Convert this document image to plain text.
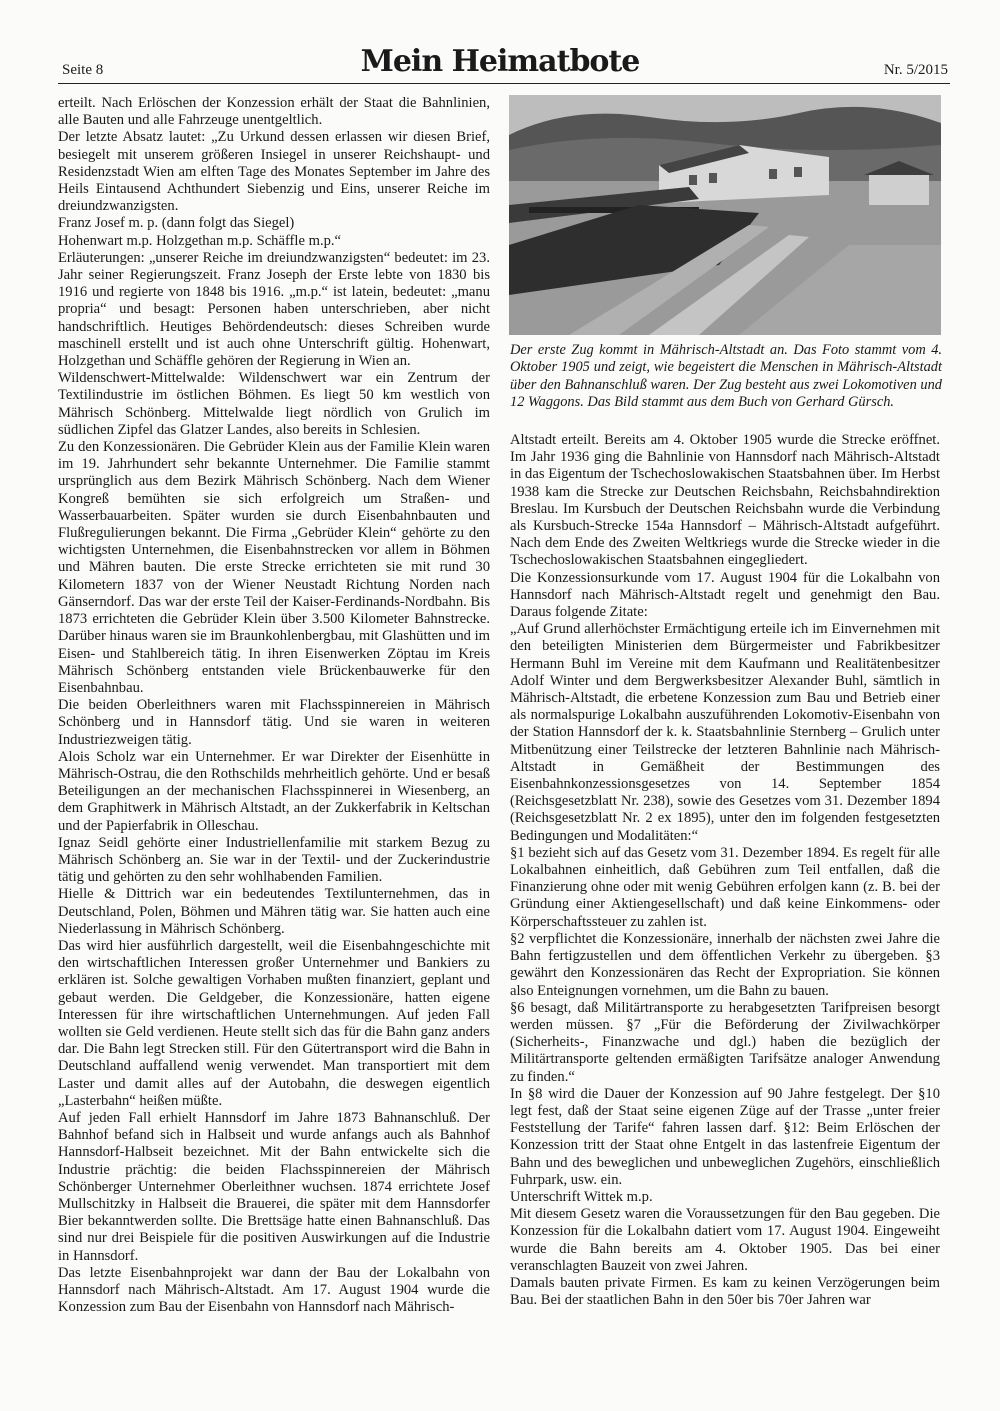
Seite 8	Mein Heimatbote	Nr. 5/2015

erteilt. Nach Erlöschen der Konzession erhält der Staat die Bahnlinien, alle Bauten und alle Fahrzeuge unentgeltlich.

Der letzte Absatz lautet: „Zu Urkund dessen erlassen wir diesen Brief, besiegelt mit unserem größeren Insiegel in unserer Reichshaupt- und Residenzstadt Wien am elften Tage des Monates September im Jahre des Heils Eintausend Achthundert Siebenzig und Eins, unserer Reiche im dreiundzwanzigsten.

Franz Josef m. p. (dann folgt das Siegel)

Hohenwart m.p. Holzgethan m.p. Schäffle m.p.“

Erläuterungen: „unserer Reiche im dreiundzwanzigsten“ bedeutet: im 23. Jahr seiner Regierungszeit. Franz Joseph der Erste lebte von 1830 bis 1916 und regierte von 1848 bis 1916. „m.p.“ ist latein, bedeutet: „manu propria“ und besagt: Personen haben unterschrieben, aber nicht handschriftlich. Heutiges Behördendeutsch: dieses Schreiben wurde maschinell erstellt und ist auch ohne Unterschrift gültig. Hohenwart, Holzgethan und Schäffle gehören der Regierung in Wien an.

Wildenschwert-Mittelwalde: Wildenschwert war ein Zentrum der Textilindustrie im östlichen Böhmen. Es liegt 50 km westlich von Mährisch Schönberg. Mittelwalde liegt nördlich von Grulich im südlichen Zipfel das Glatzer Landes, also bereits in Schlesien.

Zu den Konzessionären. Die Gebrüder Klein aus der Familie Klein waren im 19. Jahrhundert sehr bekannte Unternehmer. Die Familie stammt ursprünglich aus dem Bezirk Mährisch Schönberg. Nach dem Wiener Kongreß bemühten sie sich erfolgreich um Straßen- und Wasserbauarbeiten. Später wurden sie durch Eisenbahnbauten und Flußregulierungen bekannt. Die Firma „Gebrüder Klein“ gehörte zu den wichtigsten Unternehmen, die Eisenbahnstrecken vor allem in Böhmen und Mähren bauten. Die erste Strecke errichteten sie mit rund 30 Kilometern 1837 von der Wiener Neustadt Richtung Norden nach Gänserndorf. Das war der erste Teil der Kaiser-Ferdinands-Nordbahn. Bis 1873 errichteten die Gebrüder Klein über 3.500 Kilometer Bahnstrecke. Darüber hinaus waren sie im Braunkohlenbergbau, mit Glashütten und im Eisen- und Stahlbereich tätig. In ihren Eisenwerken Zöptau im Kreis Mährisch Schönberg entstanden viele Brückenbauwerke für den Eisenbahnbau.

Die beiden Oberleithners waren mit Flachsspinnereien in Mährisch Schönberg und in Hannsdorf tätig. Und sie waren in weiteren Industriezweigen tätig.

Alois Scholz war ein Unternehmer. Er war Direkter der Eisenhütte in Mährisch-Ostrau, die den Rothschilds mehrheitlich gehörte. Und er besaß Beteiligungen an der mechanischen Flachsspinnerei in Wiesenberg, an dem Graphitwerk in Mährisch Altstadt, an der Zukkerfabrik in Keltschan und der Papierfabrik in Olleschau.

Ignaz Seidl gehörte einer Industriellenfamilie mit starkem Bezug zu Mährisch Schönberg an. Sie war in der Textil- und der Zuckerindustrie tätig und gehörten zu den sehr wohlhabenden Familien.

Hielle & Dittrich war ein bedeutendes Textilunternehmen, das in Deutschland, Polen, Böhmen und Mähren tätig war. Sie hatten auch eine Niederlassung in Mährisch Schönberg.

Das wird hier ausführlich dargestellt, weil die Eisenbahngeschichte mit den wirtschaftlichen Interessen großer Unternehmer und Bankiers zu erklären ist. Solche gewaltigen Vorhaben mußten finanziert, geplant und gebaut werden. Die Geldgeber, die Konzessionäre, hatten eigene Interessen für ihre wirtschaftlichen Unternehmungen. Auf jeden Fall wollten sie Geld verdienen. Heute stellt sich das für die Bahn ganz anders dar. Die Bahn legt Strecken still. Für den Gütertransport wird die Bahn in Deutschland auffallend wenig verwendet. Man transportiert mit dem Laster und damit alles auf der Autobahn, die deswegen eigentlich „Lasterbahn“ heißen müßte.

Auf jeden Fall erhielt Hannsdorf im Jahre 1873 Bahnanschluß. Der Bahnhof befand sich in Halbseit und wurde anfangs auch als Bahnhof Hannsdorf-Halbseit bezeichnet. Mit der Bahn entwickelte sich die Industrie prächtig: die beiden Flachsspinnereien der Mährisch Schönberger Unternehmer Oberleithner wuchsen. 1874 errichtete Josef Mullschitzky in Halbseit die Brauerei, die später mit dem Hannsdorfer Bier bekanntwerden sollte. Die Brettsäge hatte einen Bahnanschluß. Das sind nur drei Beispiele für die positiven Auswirkungen auf die Industrie in Hannsdorf.

Das letzte Eisenbahnprojekt war dann der Bau der Lokalbahn von Hannsdorf nach Mährisch-Altstadt. Am 17. August 1904 wurde die Konzession zum Bau der Eisenbahn von Hannsdorf nach Mährisch-

Der erste Zug kommt in Mährisch-Altstadt an. Das Foto stammt vom 4. Oktober 1905 und zeigt, wie begeistert die Menschen in Mährisch-Altstadt über den Bahnanschluß waren. Der Zug besteht aus zwei Lokomotiven und 12 Waggons. Das Bild stammt aus dem Buch von Gerhard Gürsch.

Altstadt erteilt. Bereits am 4. Oktober 1905 wurde die Strecke eröffnet. Im Jahr 1936 ging die Bahnlinie von Hannsdorf nach Mährisch-Altstadt in das Eigentum der Tschechoslowakischen Staatsbahnen über. Im Herbst 1938 kam die Strecke zur Deutschen Reichsbahn, Reichsbahndirektion Breslau. Im Kursbuch der Deutschen Reichsbahn wurde die Verbindung als Kursbuch-Strecke 154a Hannsdorf – Mährisch-Altstadt aufgeführt. Nach dem Ende des Zweiten Weltkriegs wurde die Strecke wieder in die Tschechoslowakischen Staatsbahnen eingegliedert.

Die Konzessionsurkunde vom 17. August 1904 für die Lokalbahn von Hannsdorf nach Mährisch-Altstadt regelt und genehmigt den Bau. Daraus folgende Zitate:

„Auf Grund allerhöchster Ermächtigung erteile ich im Einvernehmen mit den beteiligten Ministerien dem Bürgermeister und Fabrikbesitzer Hermann Buhl im Vereine mit dem Kaufmann und Realitätenbesitzer Adolf Winter und dem Bergwerksbesitzer Alexander Buhl, sämtlich in Mährisch-Altstadt, die erbetene Konzession zum Bau und Betrieb einer als normalspurige Lokalbahn auszuführenden Lokomotiv-Eisenbahn von der Station Hannsdorf der k. k. Staatsbahnlinie Sternberg – Grulich unter Mitbenützung einer Teilstrecke der letzteren Bahnlinie nach Mährisch-Altstadt in Gemäßheit der Bestimmungen des Eisenbahnkonzessionsgesetzes von 14. September 1854 (Reichsgesetzblatt Nr. 238), sowie des Gesetzes vom 31. Dezember 1894 (Reichsgesetzblatt Nr. 2 ex 1895), unter den im folgenden festgesetzten Bedingungen und Modalitäten:“

§1 bezieht sich auf das Gesetz vom 31. Dezember 1894. Es regelt für alle Lokalbahnen einheitlich, daß Gebühren zum Teil entfallen, daß die Finanzierung ohne oder mit wenig Gebühren erfolgen kann (z. B. bei der Gründung einer Aktiengesellschaft) und daß keine Einkommens- oder Körperschaftssteuer zu zahlen ist.

§2 verpflichtet die Konzessionäre, innerhalb der nächsten zwei Jahre die Bahn fertigzustellen und dem öffentlichen Verkehr zu übergeben. §3 gewährt den Konzessionären das Recht der Expropriation. Sie können also Enteignungen vornehmen, um die Bahn zu bauen.

§6 besagt, daß Militärtransporte zu herabgesetzten Tarifpreisen besorgt werden müssen. §7 „Für die Beförderung der Zivilwachkörper (Sicherheits-, Finanzwache und dgl.) haben die bezüglich der Militärtransporte geltenden ermäßigten Tarifsätze analoger Anwendung zu finden.“

In §8 wird die Dauer der Konzession auf 90 Jahre festgelegt. Der §10 legt fest, daß der Staat seine eigenen Züge auf der Trasse „unter freier Feststellung der Tarife“ fahren lassen darf. §12: Beim Erlöschen der Konzession tritt der Staat ohne Entgelt in das lastenfreie Eigentum der Bahn und des beweglichen und unbeweglichen Zugehörs, einschließlich Fuhrpark, usw. ein.

Unterschrift Wittek m.p.

Mit diesem Gesetz waren die Voraussetzungen für den Bau gegeben. Die Konzession für die Lokalbahn datiert vom 17. August 1904. Eingeweiht wurde die Bahn bereits am 4. Oktober 1905. Das bei einer veranschlagten Bauzeit von zwei Jahren.

Damals bauten private Firmen. Es kam zu keinen Verzögerungen beim Bau. Bei der staatlichen Bahn in den 50er bis 70er Jahren war
